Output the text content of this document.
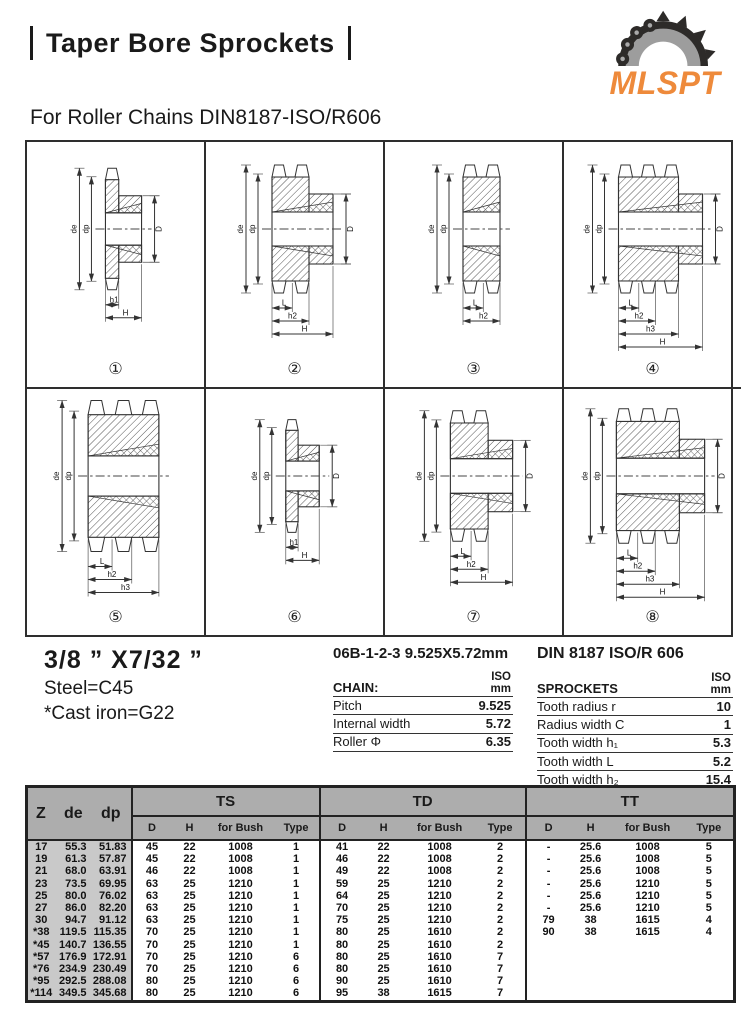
Taper Bore Sprockets
MLSPT
For Roller Chains DIN8187-ISO/R606
de dp	D
h1
H
①
de dp	D
L
h2
H
②
de dp
L
h2
③
de dp	D
L
h2
h3
H
④
de dp
L
h2
h3
⑤
de dp	D
h1
H
⑥
de dp	D
L
h2
H
⑦
de dp	D
L
h2
h3
H
⑧
3/8 ” X7/32 ”
Steel=C45
*Cast iron=G22
06B-1-2-3 9.525X5.72mm
CHAIN:
ISO
mm
Pitch	9.525
Internal width	5.72
Roller Φ	6.35
DIN 8187 ISO/R 606
SPROCKETS
ISO
mm
Tooth radius r	10
Radius width C	1
Tooth width h₁	5.3
Tooth width L	5.2
Tooth width h₂	15.4
Z de dp			TS				TD				TT			
			D	H	for Bush	Type	D	H	for Bush	Type	D	H	for Bush	Type
17	55.3	51.83	45	22	1008	1	41	22	1008	2	-	25.6	1008	5
19	61.3	57.87	45	22	1008	1	46	22	1008	2	-	25.6	1008	5
21	68.0	63.91	46	22	1008	1	49	22	1008	2	-	25.6	1008	5
23	73.5	69.95	63	25	1210	1	59	25	1210	2	-	25.6	1210	5
25	80.0	76.02	63	25	1210	1	64	25	1210	2	-	25.6	1210	5
27	86.0	82.20	63	25	1210	1	70	25	1210	2	-	25.6	1210	5
30	94.7	91.12	63	25	1210	1	75	25	1210	2	79	38	1615	4
*38	119.5	115.35	70	25	1210	1	80	25	1610	2	90	38	1615	4
*45	140.7	136.55	70	25	1210	1	80	25	1610	2				
*57	176.9	172.91	70	25	1210	6	80	25	1610	7				
*76	234.9	230.49	70	25	1210	6	80	25	1610	7				
*95	292.5	288.08	80	25	1210	6	90	25	1610	7				
*114	349.5	345.68	80	25	1210	6	95	38	1615	7				
